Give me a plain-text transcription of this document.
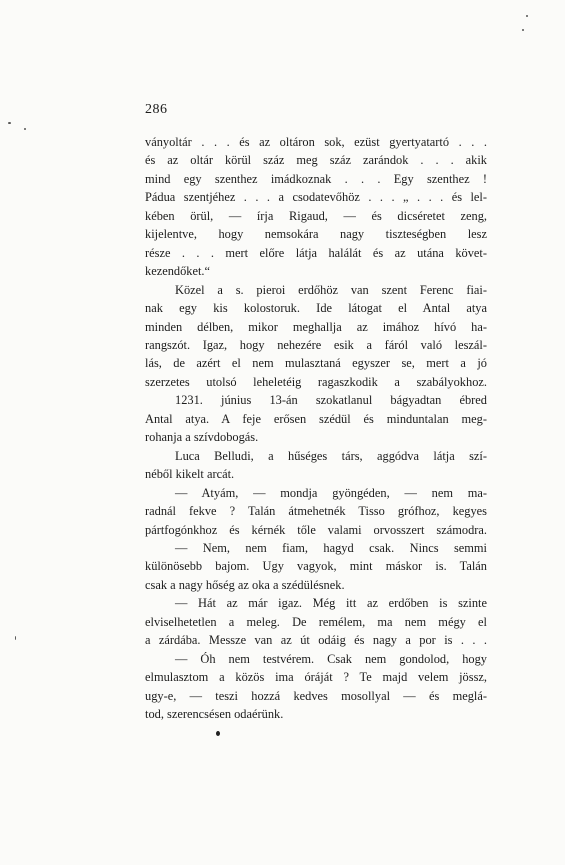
286
ványoltár . . . és az oltáron sok, ezüst gyertyatartó . . .
és az oltár körül száz meg száz zarándok . . . akik
mind egy szenthez imádkoznak . . . Egy szenthez !
Pádua szentjéhez . . . a csodatevőhöz . . . „ . . . és lel-
kében örül, — írja Rigaud, — és dicséretet zeng,
kijelentve, hogy nemsokára nagy tiszteségben lesz
része . . . mert előre látja halálát és az utána követ-
kezendőket.“
Közel a s. pieroi erdőhöz van szent Ferenc fiai-
nak egy kis kolostoruk. Ide látogat el Antal atya
minden délben, mikor meghallja az imához hívó ha-
rangszót. Igaz, hogy nehezére esik a fáról való leszál-
lás, de azért el nem mulasztaná egyszer se, mert a jó
szerzetes utolsó leheletéig ragaszkodik a szabályokhoz.
1231. június 13-án szokatlanul bágyadtan ébred
Antal atya. A feje erősen szédül és minduntalan meg-
rohanja a szívdobogás.
Luca Belludi, a hűséges társ, aggódva látja szí-
néből kikelt arcát.
— Atyám, — mondja gyöngéden, — nem ma-
radnál fekve ? Talán átmehetnék Tisso grófhoz, kegyes
pártfogónkhoz és kérnék tőle valami orvosszert számodra.
— Nem, nem fiam, hagyd csak. Nincs semmi
különösebb bajom. Ugy vagyok, mint máskor is. Talán
csak a nagy hőség az oka a szédülésnek.
— Hát az már igaz. Még itt az erdőben is szinte
elviselhetetlen a meleg. De remélem, ma nem mégy el
a zárdába. Messze van az út odáig és nagy a por is . . .
— Óh nem testvérem. Csak nem gondolod, hogy
elmulasztom a közös ima óráját ? Te majd velem jössz,
ugy-e, — teszi hozzá kedves mosollyal — és meglá-
tod, szerencsésen odaérünk.
